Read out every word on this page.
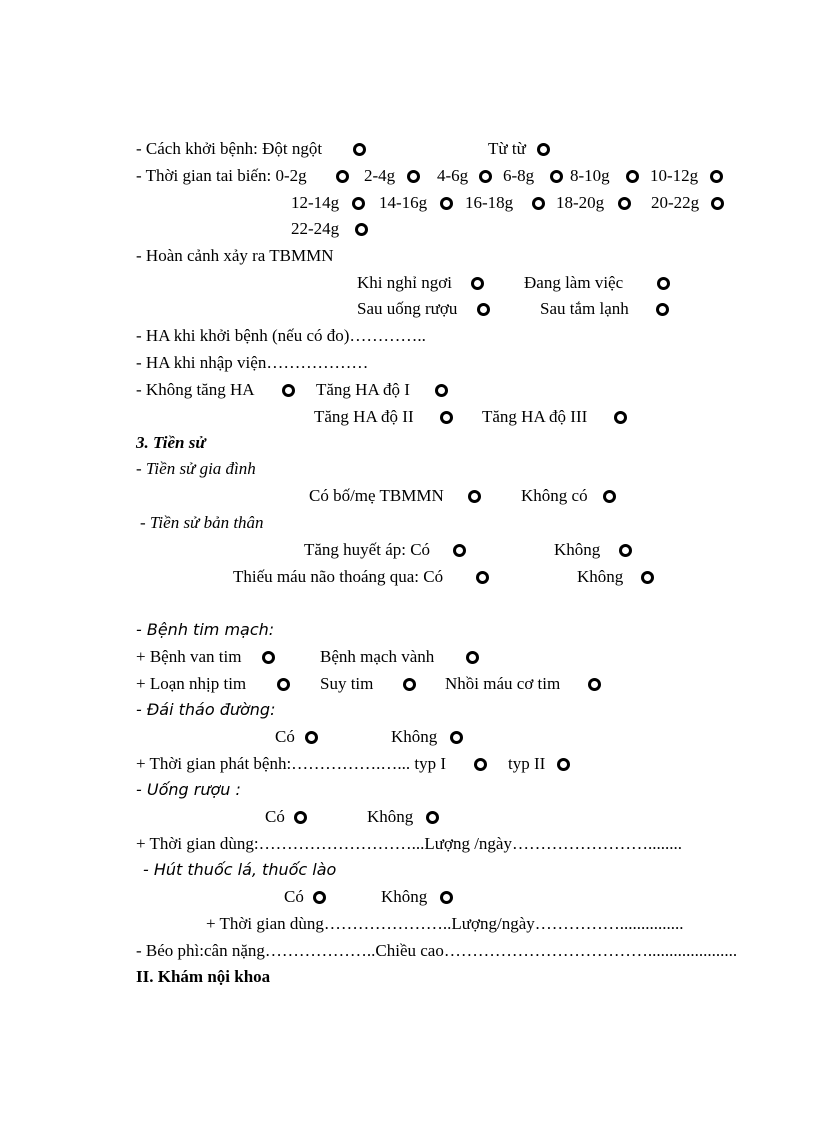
- Cách khởi bệnh: Đột ngột	Từ từ
- Thời gian tai biến: 0-2g	2-4g 4-6g 6-8g 8-10g 10-12g
12-14g 14-16g 16-18g	18-20g	20-22g
22-24g
- Hoàn cảnh xảy ra TBMMN
Khi nghỉ ngơi	Đang làm việc
Sau uống rượu	Sau tắm lạnh
- HA khi khởi bệnh (nếu có đo)…………..
- HA khi nhập viện………………
- Không tăng HA	Tăng HA độ I
Tăng HA độ II	Tăng HA độ III
3. Tiền sử
- Tiền sử gia đình
Có bố/mẹ TBMMN	Không có
- Tiền sử bản thân
Tăng huyết áp: Có	Không
Thiếu máu não thoáng qua: Có	Không
- Bệnh tim mạch:
+ Bệnh van tim	Bệnh mạch vành
+ Loạn nhịp tim	Suy tim	Nhồi máu cơ tim
- Đái tháo đường:
Có	Không
+ Thời gian phát bệnh:…………….…... typ I	typ II
- Uống rượu :
Có	Không
+ Thời gian dùng:………………………...Lượng /ngày……………………........
- Hút thuốc lá, thuốc lào
Có	Không
+ Thời gian dùng…………………..Lượng/ngày……………...............
- Béo phì:cân nặng………………..Chiều cao……………………………….....................
II. Khám nội khoa
